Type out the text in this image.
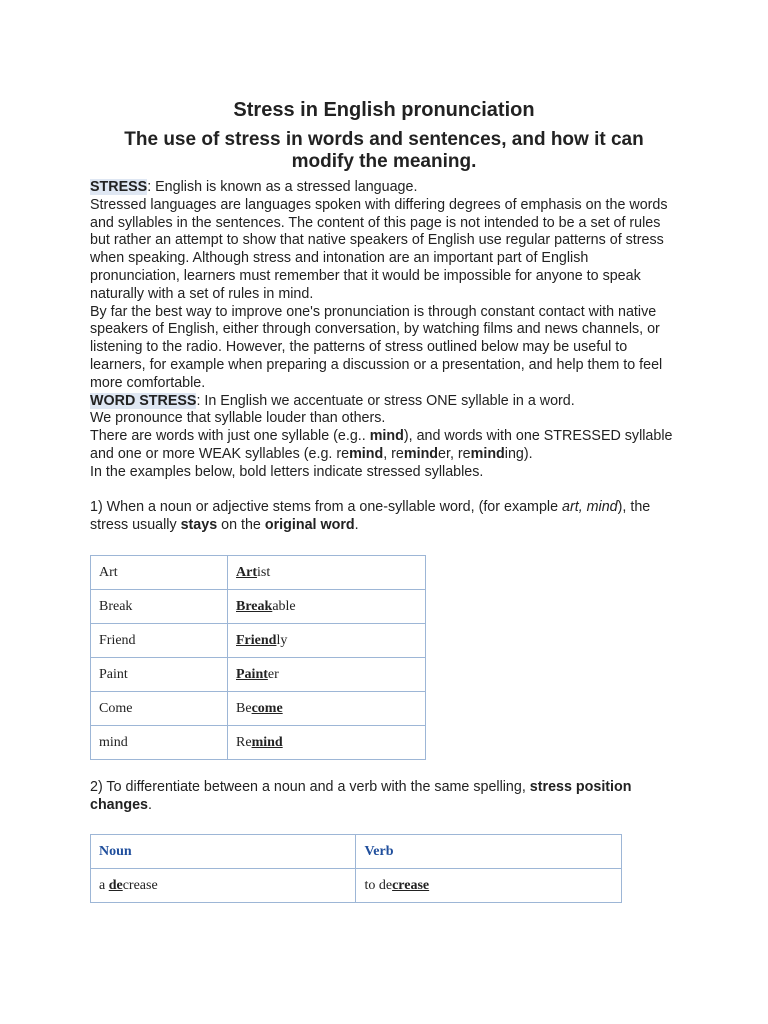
Stress in English pronunciation
The use of stress in words and sentences, and how it can modify the meaning.

STRESS: English is known as a stressed language.

Stressed languages are languages spoken with differing degrees of emphasis on the words and syllables in the sentences. The content of this page is not intended to be a set of rules but rather an attempt to show that native speakers of English use regular patterns of stress when speaking. Although stress and intonation are an important part of English pronunciation, learners must remember that it would be impossible for anyone to speak naturally with a set of rules in mind.

By far the best way to improve one's pronunciation is through constant contact with native speakers of English, either through conversation, by watching films and news channels, or listening to the radio. However, the patterns of stress outlined below may be useful to learners, for example when preparing a discussion or a presentation, and help them to feel more comfortable.

WORD STRESS: In English we accentuate or stress ONE syllable in a word.

We pronounce that syllable louder than others.

There are words with just one syllable (e.g.. mind), and words with one STRESSED syllable and one or more WEAK syllables (e.g. remind, reminder, reminding).

In the examples below, bold letters indicate stressed syllables.

1) When a noun or adjective stems from a one-syllable word, (for example art, mind), the stress usually stays on the original word.

Art	Artist
Break	Breakable
Friend	Friendly
Paint	Painter
Come	Become
mind	Remind

2) To differentiate between a noun and a verb with the same spelling, stress position changes.

Noun	Verb
a decrease	to decrease
